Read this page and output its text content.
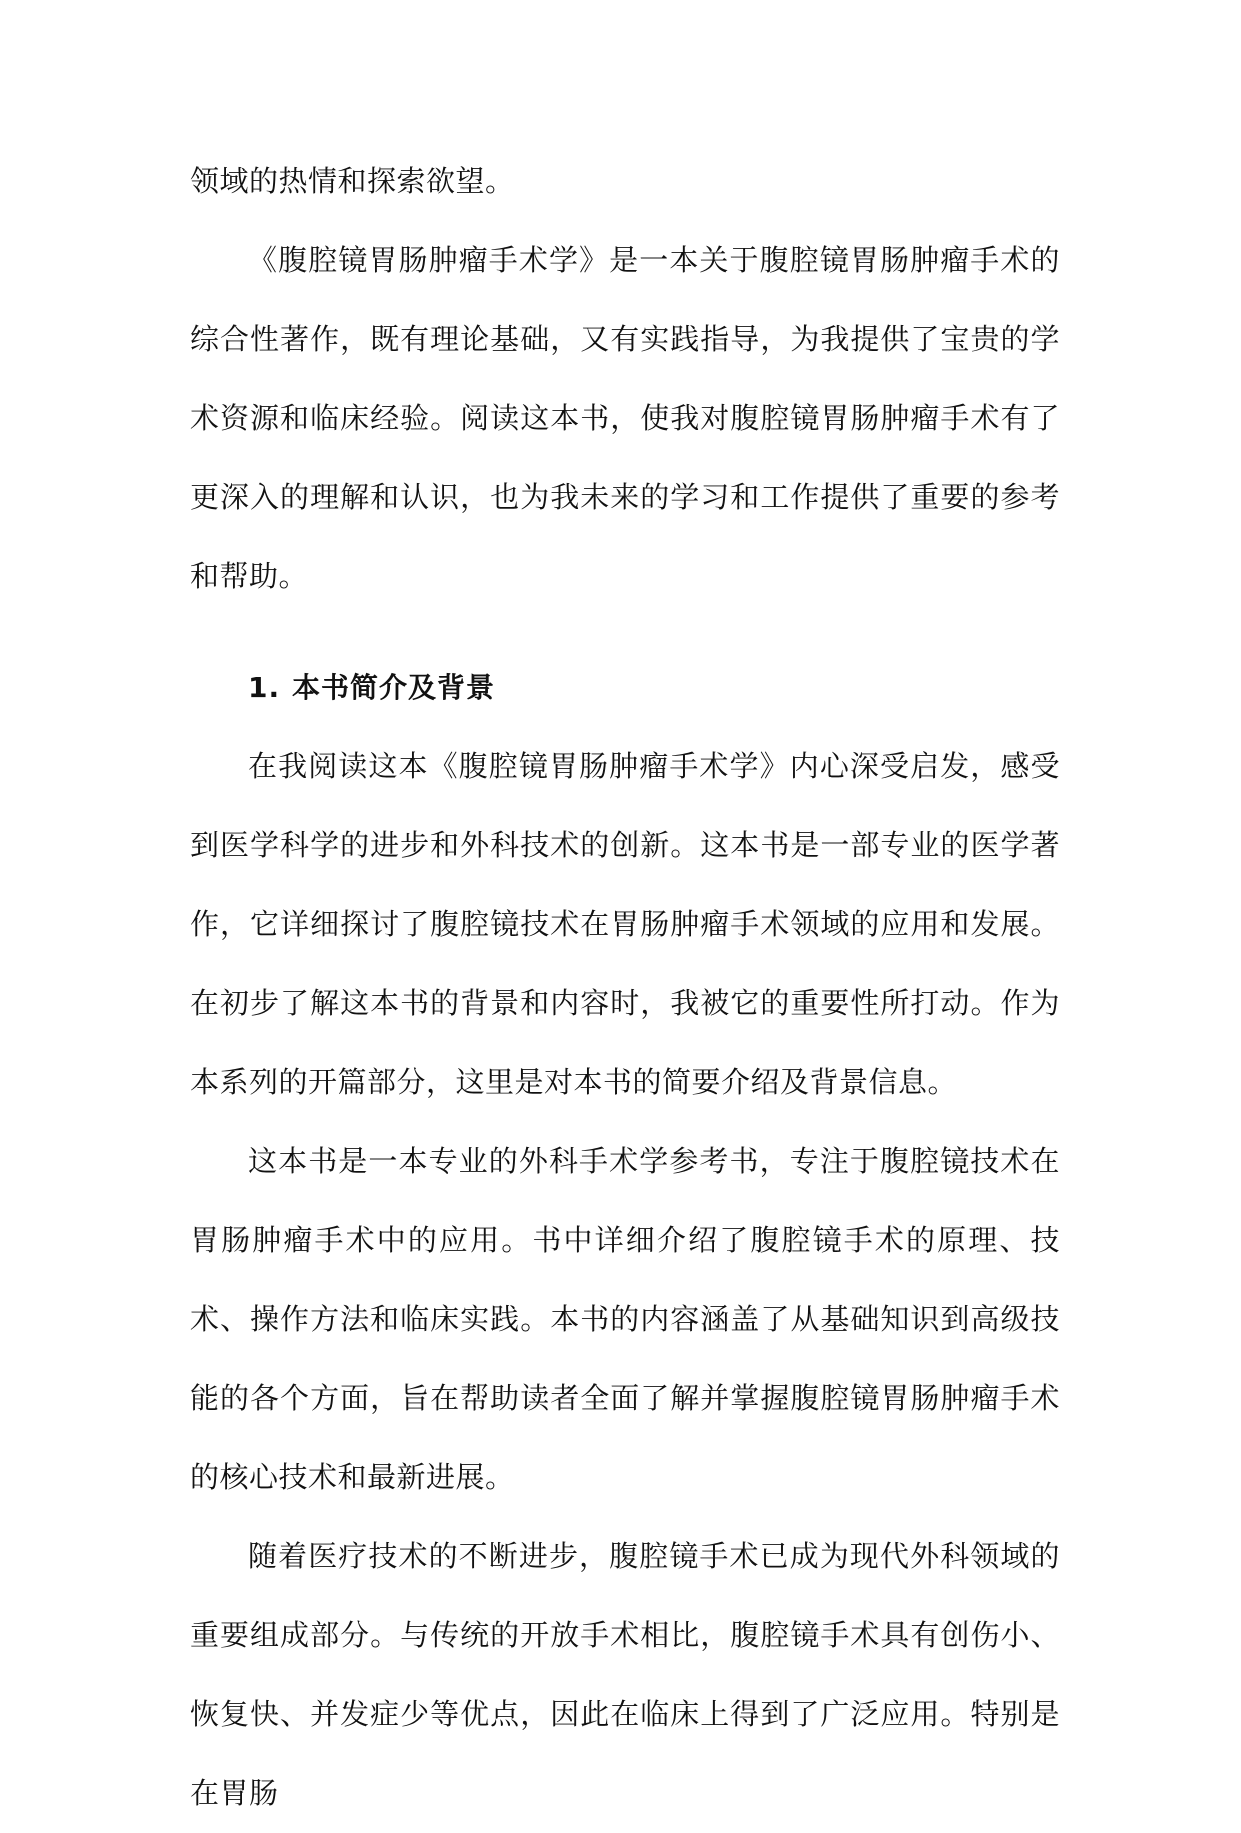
领域的热情和探索欲望。

《腹腔镜胃肠肿瘤手术学》是一本关于腹腔镜胃肠肿瘤手术的综合性著作，既有理论基础，又有实践指导，为我提供了宝贵的学术资源和临床经验。阅读这本书，使我对腹腔镜胃肠肿瘤手术有了更深入的理解和认识，也为我未来的学习和工作提供了重要的参考和帮助。

1. 本书简介及背景

在我阅读这本《腹腔镜胃肠肿瘤手术学》内心深受启发，感受到医学科学的进步和外科技术的创新。这本书是一部专业的医学著作，它详细探讨了腹腔镜技术在胃肠肿瘤手术领域的应用和发展。在初步了解这本书的背景和内容时，我被它的重要性所打动。作为本系列的开篇部分，这里是对本书的简要介绍及背景信息。

这本书是一本专业的外科手术学参考书，专注于腹腔镜技术在胃肠肿瘤手术中的应用。书中详细介绍了腹腔镜手术的原理、技术、操作方法和临床实践。本书的内容涵盖了从基础知识到高级技能的各个方面，旨在帮助读者全面了解并掌握腹腔镜胃肠肿瘤手术的核心技术和最新进展。

随着医疗技术的不断进步，腹腔镜手术已成为现代外科领域的重要组成部分。与传统的开放手术相比，腹腔镜手术具有创伤小、恢复快、并发症少等优点，因此在临床上得到了广泛应用。特别是在胃肠
